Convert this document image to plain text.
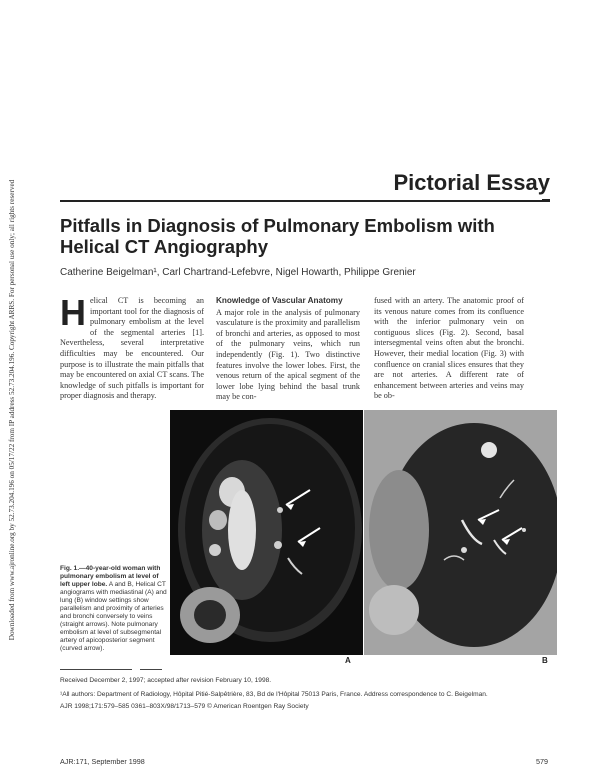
Downloaded from www.ajronline.org by 52.73.204.196 on 05/17/22 from IP address 52.73.204.196. Copyright ARRS. For personal use only; all rights reserved	Pictorial Essay
Pitfalls in Diagnosis of Pulmonary Embolism with
Helical CT Angiography
Catherine Beigelman¹, Carl Chartrand-Lefebvre, Nigel Howarth, Philippe Grenier
H elical CT is becoming an important tool for the diagnosis of pulmonary embolism at the level of the segmental arteries [1]. Nevertheless, several interpretative difficulties may be encountered. Our purpose is to illustrate the main pitfalls that may be encountered on axial CT scans. The knowledge of such pitfalls is important for proper diagnosis and therapy.

Knowledge of Vascular Anatomy

A major role in the analysis of pulmonary vasculature is the proximity and parallelism of bronchi and arteries, as opposed to most of the pulmonary veins, which run independently (Fig. 1). Two distinctive features involve the lower lobes. First, the venous return of the apical segment of the lower lobe lying behind the basal trunk may be con-

fused with an artery. The anatomic proof of its venous nature comes from its confluence with the inferior pulmonary vein on contiguous slices (Fig. 2). Second, basal intersegmental veins often abut the bronchi. However, their medial location (Fig. 3) with confluence on cranial slices ensures that they are not arteries. A different rate of enhancement between arteries and veins may be ob-

Fig. 1.—40-year-old woman with pulmonary embolism at level of left upper lobe. A and B, Helical CT angiograms with mediastinal (A) and lung (B) window settings show parallelism and proximity of arteries and bronchi conversely to veins (straight arrows). Note pulmonary embolism at level of subsegmental artery of apicoposterior segment (curved arrow).
A	B
Received December 2, 1997; accepted after revision February 10, 1998.
¹All authors: Department of Radiology, Hôpital Pitié-Salpêtrière, 83, Bd de l'Hôpital 75013 Paris, France. Address correspondence to C. Beigelman.
AJR 1998;171:579–585 0361–803X/98/1713–579 © American Roentgen Ray Society
AJR:171, September 1998	579
